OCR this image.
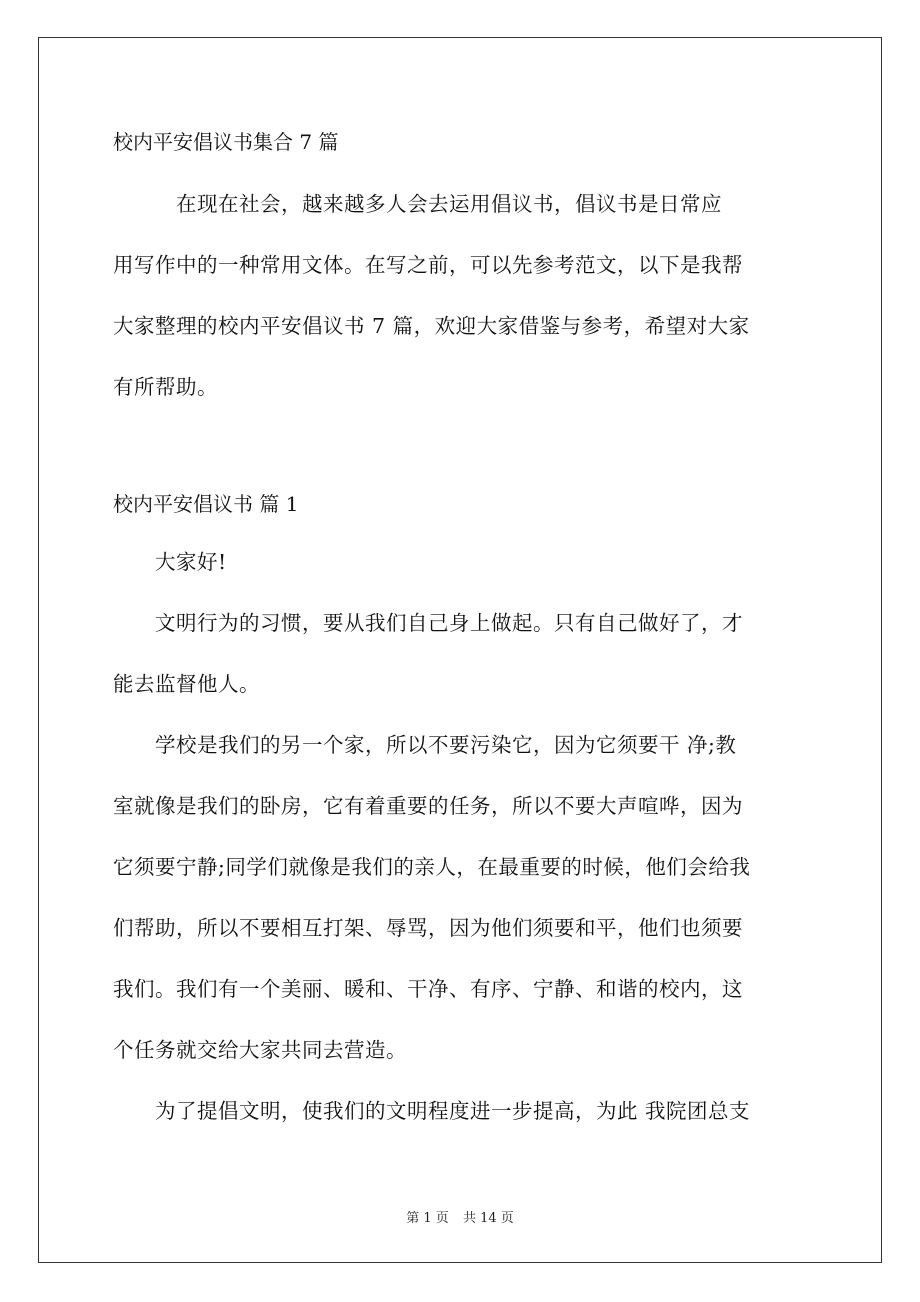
校内平安倡议书集合 7 篇
　　　在现在社会，越来越多人会去运用倡议书，倡议书是日常应
用写作中的一种常用文体。在写之前，可以先参考范文，以下是我帮
大家整理的校内平安倡议书 7 篇，欢迎大家借鉴与参考，希望对大家
有所帮助。
校内平安倡议书 篇 1
　　大家好!
　　文明行为的习惯，要从我们自己身上做起。只有自己做好了，才
能去监督他人。
　　学校是我们的另一个家，所以不要污染它，因为它须要干 净;教
室就像是我们的卧房，它有着重要的任务，所以不要大声喧哗，因为
它须要宁静;同学们就像是我们的亲人，在最重要的时候，他们会给我
们帮助，所以不要相互打架、辱骂，因为他们须要和平，他们也须要
我们。我们有一个美丽、暖和、干净、有序、宁静、和谐的校内，这
个任务就交给大家共同去营造。
　　为了提倡文明，使我们的文明程度进一步提高，为此 我院团总支
第 1 页 共 14 页
